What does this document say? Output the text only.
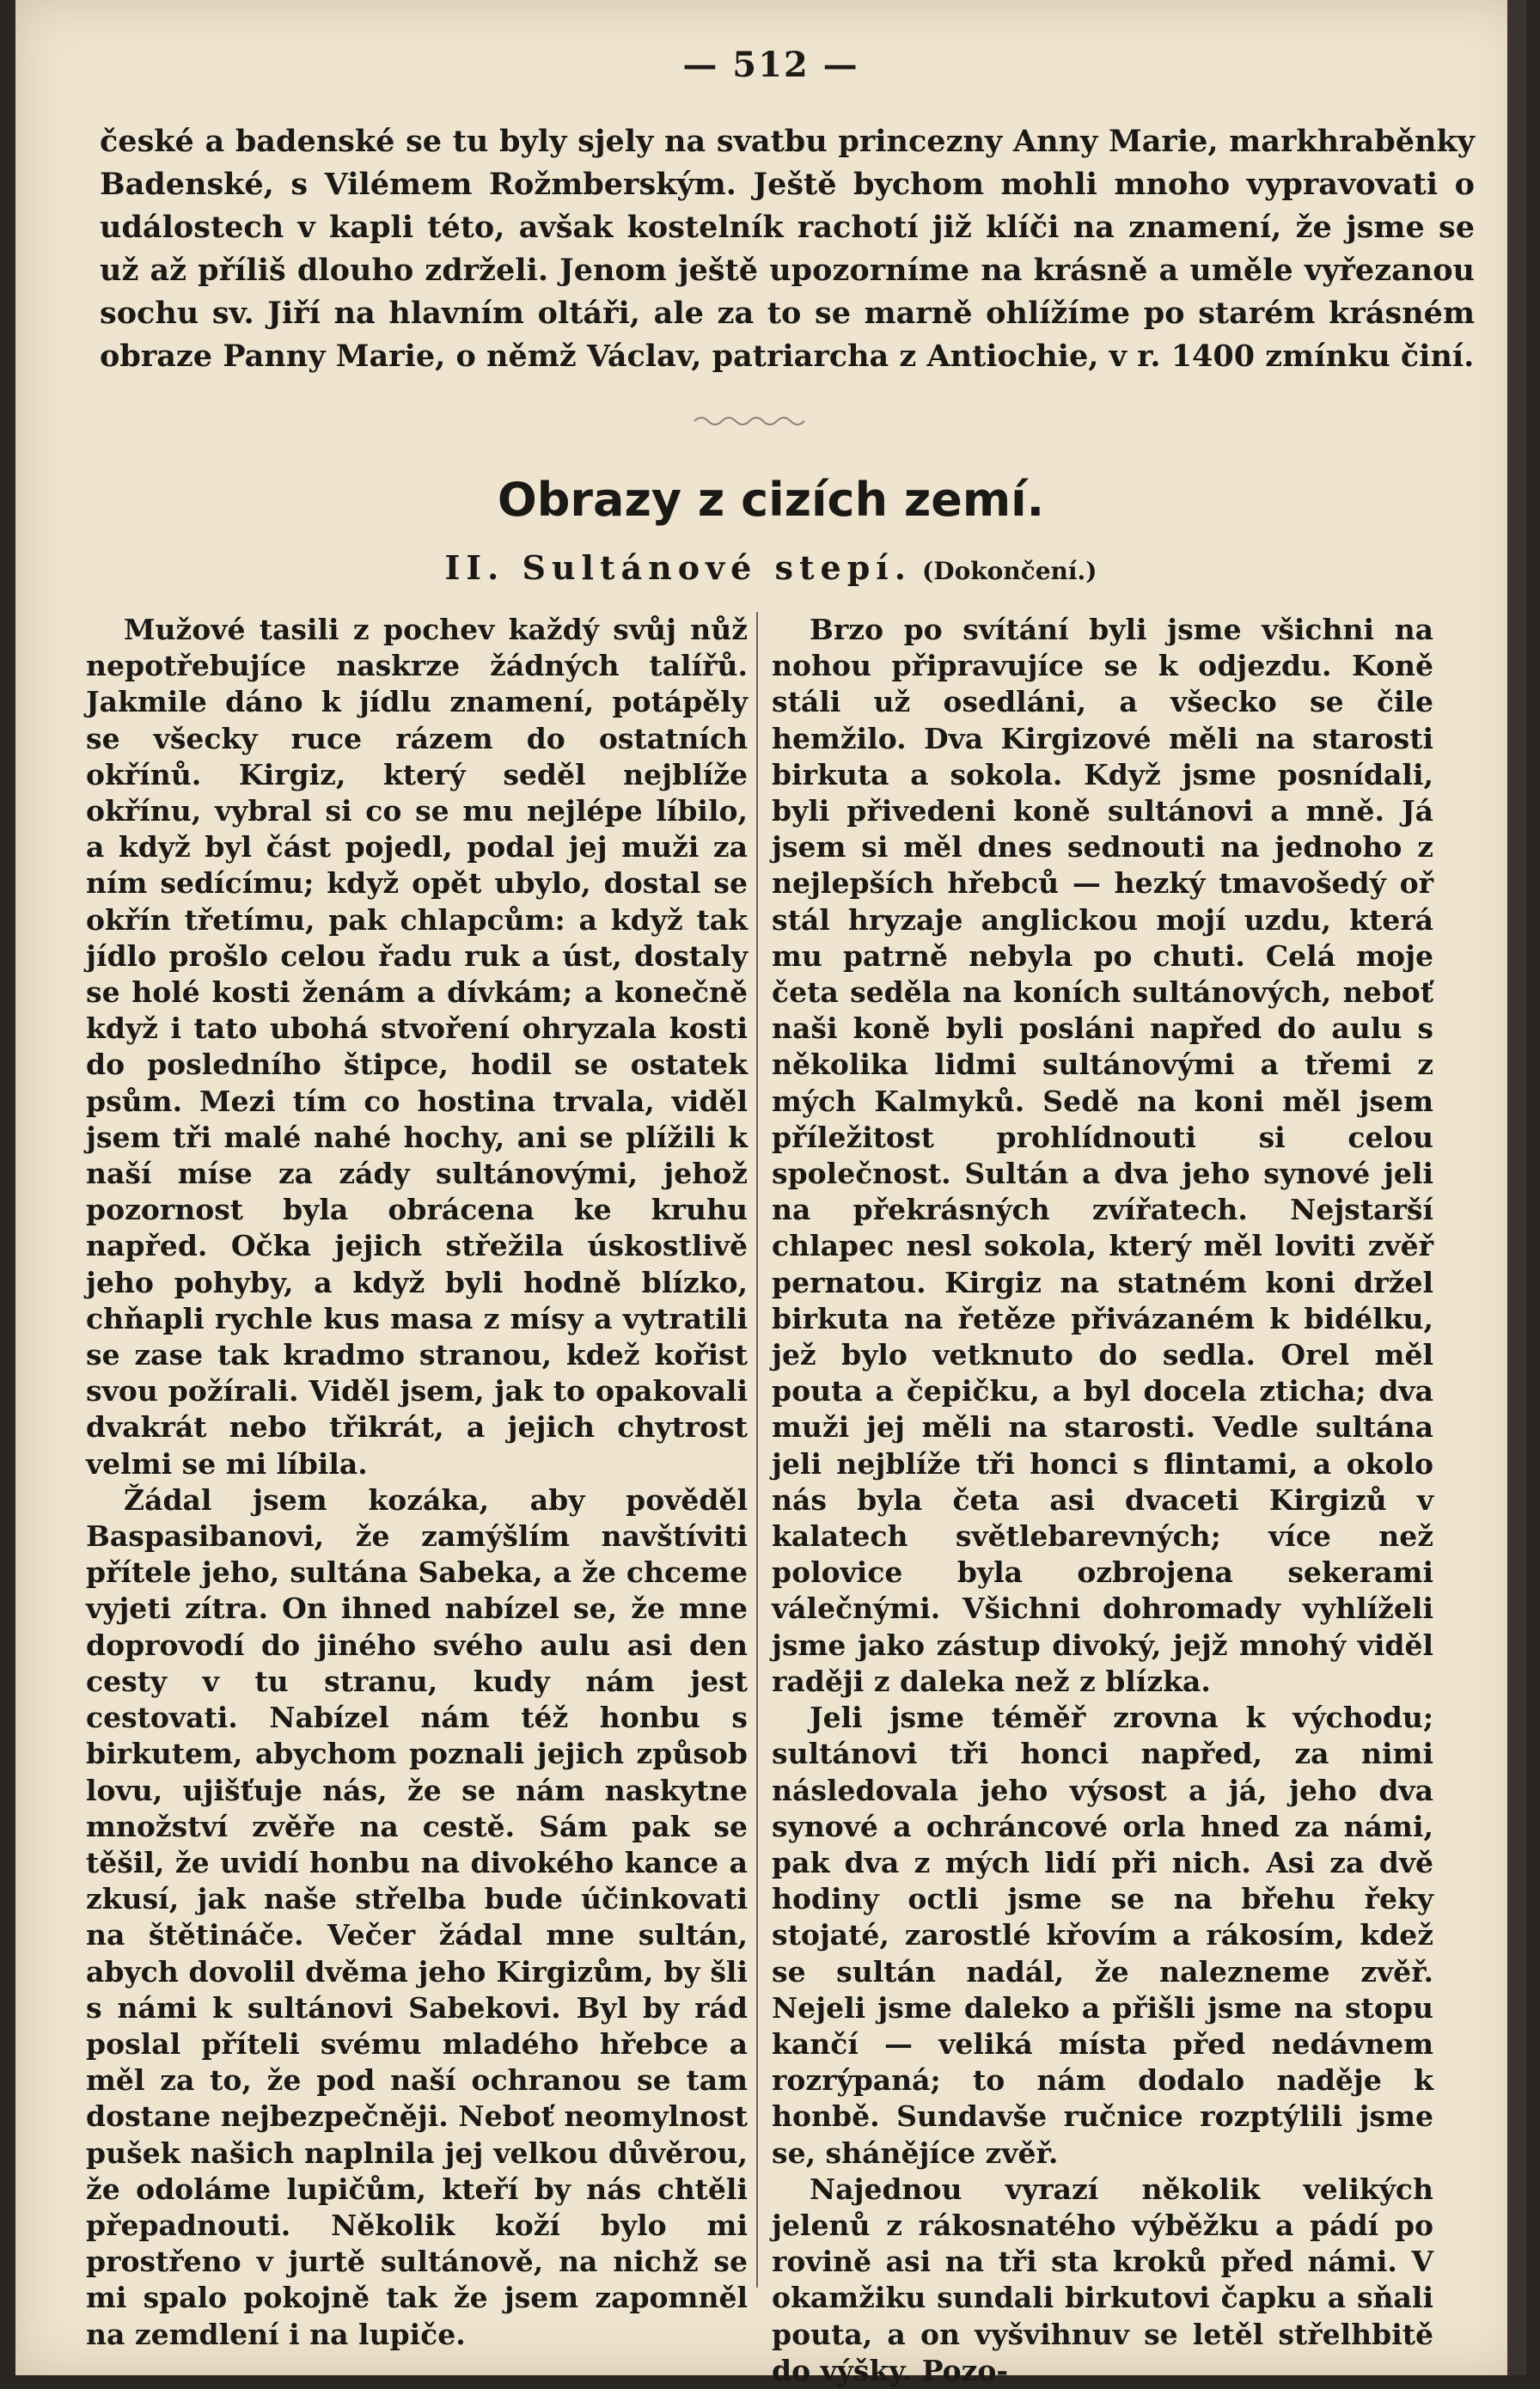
— 512 —

české a badenské se tu byly sjely na svatbu princezny Anny Marie, markhraběnky Badenské, s Vilémem Rožmberským. Ještě bychom mohli mnoho vypravovati o událostech v kapli této, avšak kostelník rachotí již klíči na znamení, že jsme se už až příliš dlouho zdrželi. Jenom ještě upozorníme na krásně a uměle vyřezanou sochu sv. Jiří na hlavním oltáři, ale za to se marně ohlížíme po starém krásném obraze Panny Marie, o němž Václav, patriarcha z Antiochie, v r. 1400 zmínku činí.

Obrazy z cizích zemí.
II. Sultánové stepí. (Dokončení.)

Mužové tasili z pochev každý svůj nůž nepotřebujíce naskrze žádných talířů. Jakmile dáno k jídlu znamení, potápěly se všecky ruce rázem do ostatních okřínů. Kirgiz, který seděl nejblíže okřínu, vybral si co se mu nejlépe líbilo, a když byl část pojedl, podal jej muži za ním sedícímu; když opět ubylo, dostal se okřín třetímu, pak chlapcům: a když tak jídlo prošlo celou řadu ruk a úst, dostaly se holé kosti ženám a dívkám; a konečně když i tato ubohá stvoření ohryzala kosti do posledního štipce, hodil se ostatek psům. Mezi tím co hostina trvala, viděl jsem tři malé nahé hochy, ani se plížili k naší míse za zády sultánovými, jehož pozornost byla obrácena ke kruhu napřed. Očka jejich střežila úskostlivě jeho pohyby, a když byli hodně blízko, chňapli rychle kus masa z mísy a vytratili se zase tak kradmo stranou, kdež kořist svou požírali. Viděl jsem, jak to opakovali dvakrát nebo třikrát, a jejich chytrost velmi se mi líbila.

Žádal jsem kozáka, aby pověděl Baspasibanovi, že zamýšlím navštíviti přítele jeho, sultána Sabeka, a že chceme vyjeti zítra. On ihned nabízel se, že mne doprovodí do jiného svého aulu asi den cesty v tu stranu, kudy nám jest cestovati. Nabízel nám též honbu s birkutem, abychom poznali jejich způsob lovu, ujišťuje nás, že se nám naskytne množství zvěře na cestě. Sám pak se těšil, že uvidí honbu na divokého kance a zkusí, jak naše střelba bude účinkovati na štětináče. Večer žádal mne sultán, abych dovolil dvěma jeho Kirgizům, by šli s námi k sultánovi Sabekovi. Byl by rád poslal příteli svému mladého hřebce a měl za to, že pod naší ochranou se tam dostane nejbezpečněji. Neboť neomylnost pušek našich naplnila jej velkou důvěrou, že odoláme lupičům, kteří by nás chtěli přepadnouti. Několik koží bylo mi prostřeno v jurtě sultánově, na nichž se mi spalo pokojně tak že jsem zapomněl na zemdlení i na lupiče.

Brzo po svítání byli jsme všichni na nohou připravujíce se k odjezdu. Koně stáli už osedláni, a všecko se čile hemžilo. Dva Kirgizové měli na starosti birkuta a sokola. Když jsme posnídali, byli přivedeni koně sultánovi a mně. Já jsem si měl dnes sednouti na jednoho z nejlepších hřebců — hezký tmavošedý oř stál hryzaje anglickou mojí uzdu, která mu patrně nebyla po chuti. Celá moje četa seděla na koních sultánových, neboť naši koně byli posláni napřed do aulu s několika lidmi sultánovými a třemi z mých Kalmyků. Sedě na koni měl jsem příležitost prohlídnouti si celou společnost. Sultán a dva jeho synové jeli na překrásných zvířatech. Nejstarší chlapec nesl sokola, který měl loviti zvěř pernatou. Kirgiz na statném koni držel birkuta na řetěze přivázaném k bidélku, jež bylo vetknuto do sedla. Orel měl pouta a čepičku, a byl docela zticha; dva muži jej měli na starosti. Vedle sultána jeli nejblíže tři honci s flintami, a okolo nás byla četa asi dvaceti Kirgizů v kalatech světlebarevných; více než polovice byla ozbrojena sekerami válečnými. Všichni dohromady vyhlíželi jsme jako zástup divoký, jejž mnohý viděl raději z daleka než z blízka.

Jeli jsme téměř zrovna k východu; sultánovi tři honci napřed, za nimi následovala jeho výsost a já, jeho dva synové a ochráncové orla hned za námi, pak dva z mých lidí při nich. Asi za dvě hodiny octli jsme se na břehu řeky stojaté, zarostlé křovím a rákosím, kdež se sultán nadál, že nalezneme zvěř. Nejeli jsme daleko a přišli jsme na stopu kančí — veliká místa před nedávnem rozrýpaná; to nám dodalo naděje k honbě. Sundavše ručnice rozptýlili jsme se, shánějíce zvěř.

Najednou vyrazí několik velikých jelenů z rákosnatého výběžku a pádí po rovině asi na tři sta kroků před námi. V okamžiku sundali birkutovi čapku a sňali pouta, a on vyšvihnuv se letěl střelhbitě do výšky. Pozo-
